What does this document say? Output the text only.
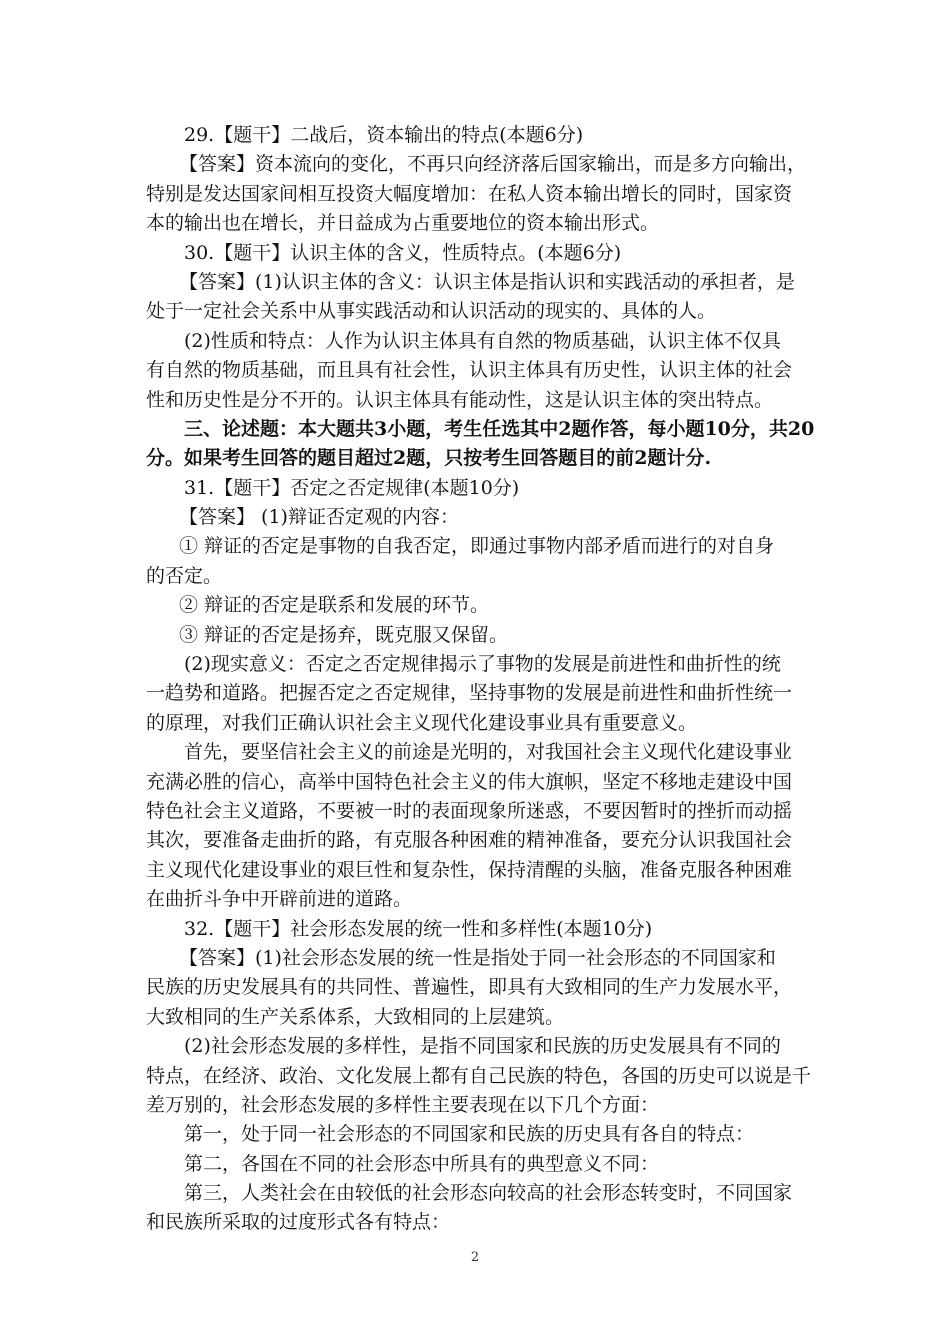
29.【题干】二战后，资本输出的特点(本题6分)
【答案】资本流向的变化，不再只向经济落后国家输出，而是多方向输出，
特别是发达国家间相互投资大幅度增加：在私人资本输出增长的同时，国家资
本的输出也在增长，并日益成为占重要地位的资本输出形式。
30.【题干】认识主体的含义，性质特点。(本题6分)
【答案】(1)认识主体的含义：认识主体是指认识和实践活动的承担者，是
处于一定社会关系中从事实践活动和认识活动的现实的、具体的人。
(2)性质和特点：人作为认识主体具有自然的物质基础，认识主体不仅具
有自然的物质基础，而且具有社会性，认识主体具有历史性，认识主体的社会
性和历史性是分不开的。认识主体具有能动性，这是认识主体的突出特点。
三、论述题：本大题共3小题，考生任选其中2题作答，每小题10分，共20
分。如果考生回答的题目超过2题，只按考生回答题目的前2题计分.
31.【题干】否定之否定规律(本题10分)
【答案】 (1)辩证否定观的内容：
① 辩证的否定是事物的自我否定，即通过事物内部矛盾而进行的对自身
的否定。
② 辩证的否定是联系和发展的环节。
③ 辩证的否定是扬弃，既克服又保留。
(2)现实意义：否定之否定规律揭示了事物的发展是前进性和曲折性的统
一趋势和道路。把握否定之否定规律，坚持事物的发展是前进性和曲折性统一
的原理，对我们正确认识社会主义现代化建设事业具有重要意义。
首先，要坚信社会主义的前途是光明的，对我国社会主义现代化建设事业
充满必胜的信心，高举中国特色社会主义的伟大旗帜，坚定不移地走建设中国
特色社会主义道路，不要被一时的表面现象所迷惑，不要因暂时的挫折而动摇
其次，要准备走曲折的路，有克服各种困难的精神准备，要充分认识我国社会
主义现代化建设事业的艰巨性和复杂性，保持清醒的头脑，准备克服各种困难
在曲折斗争中开辟前进的道路。
32.【题干】社会形态发展的统一性和多样性(本题10分)
【答案】(1)社会形态发展的统一性是指处于同一社会形态的不同国家和
民族的历史发展具有的共同性、普遍性，即具有大致相同的生产力发展水平，
大致相同的生产关系体系，大致相同的上层建筑。
(2)社会形态发展的多样性，是指不同国家和民族的历史发展具有不同的
特点，在经济、政治、文化发展上都有自己民族的特色，各国的历史可以说是千
差万别的，社会形态发展的多样性主要表现在以下几个方面：
第一，处于同一社会形态的不同国家和民族的历史具有各自的特点：
第二，各国在不同的社会形态中所具有的典型意义不同：
第三，人类社会在由较低的社会形态向较高的社会形态转变时，不同国家
和民族所采取的过度形式各有特点：
2
